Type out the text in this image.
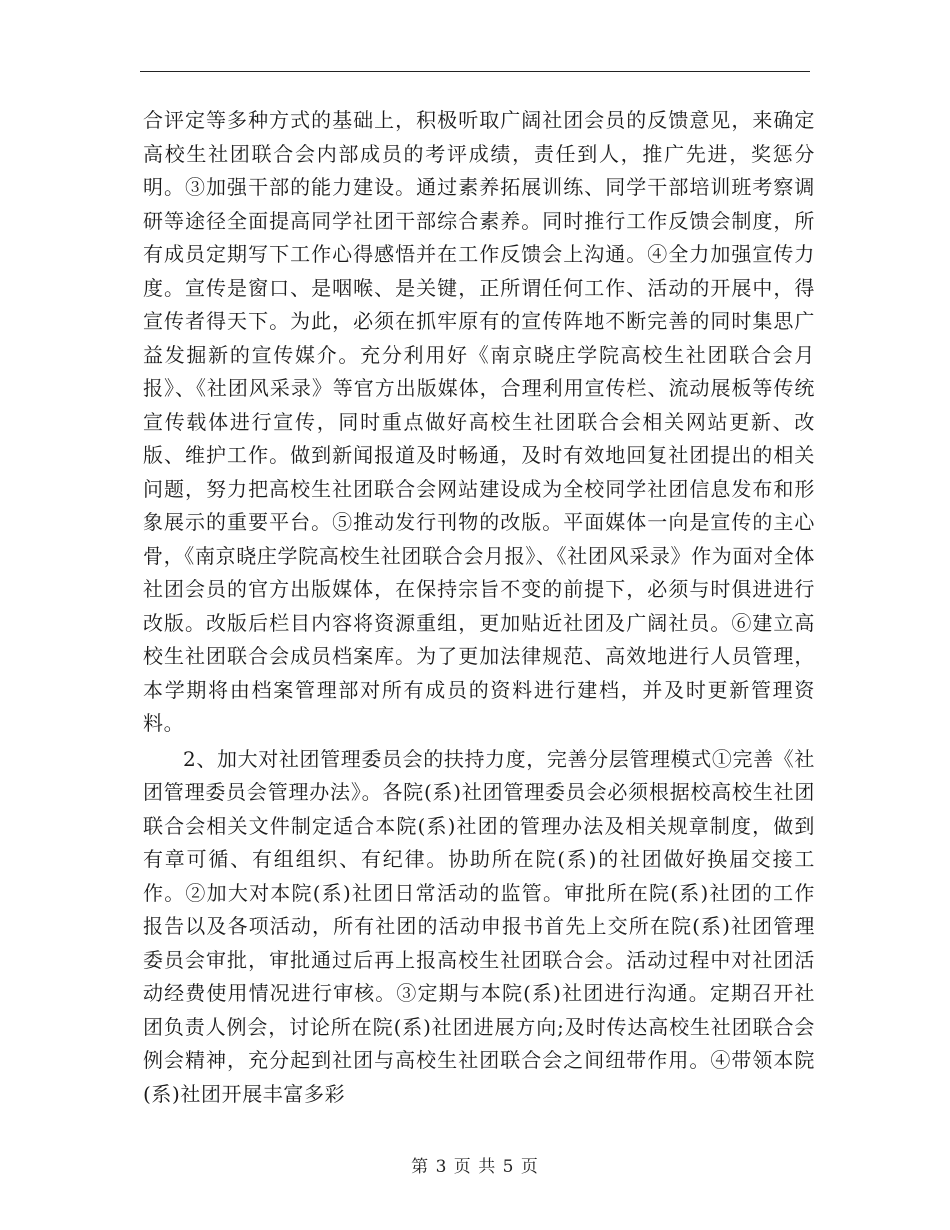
合评定等多种方式的基础上，积极听取广阔社团会员的反馈意见，来确定高校生社团联合会内部成员的考评成绩，责任到人，推广先进，奖惩分明。③加强干部的能力建设。通过素养拓展训练、同学干部培训班考察调研等途径全面提高同学社团干部综合素养。同时推行工作反馈会制度，所有成员定期写下工作心得感悟并在工作反馈会上沟通。④全力加强宣传力度。宣传是窗口、是咽喉、是关键，正所谓任何工作、活动的开展中，得宣传者得天下。为此，必须在抓牢原有的宣传阵地不断完善的同时集思广益发掘新的宣传媒介。充分利用好《南京晓庄学院高校生社团联合会月报》、《社团风采录》等官方出版媒体，合理利用宣传栏、流动展板等传统宣传载体进行宣传，同时重点做好高校生社团联合会相关网站更新、改版、维护工作。做到新闻报道及时畅通，及时有效地回复社团提出的相关问题，努力把高校生社团联合会网站建设成为全校同学社团信息发布和形象展示的重要平台。⑤推动发行刊物的改版。平面媒体一向是宣传的主心骨，《南京晓庄学院高校生社团联合会月报》、《社团风采录》作为面对全体社团会员的官方出版媒体，在保持宗旨不变的前提下，必须与时俱进进行改版。改版后栏目内容将资源重组，更加贴近社团及广阔社员。⑥建立高校生社团联合会成员档案库。为了更加法律规范、高效地进行人员管理，本学期将由档案管理部对所有成员的资料进行建档，并及时更新管理资料。

2、加大对社团管理委员会的扶持力度，完善分层管理模式①完善《社团管理委员会管理办法》。各院(系)社团管理委员会必须根据校高校生社团联合会相关文件制定适合本院(系)社团的管理办法及相关规章制度，做到有章可循、有组组织、有纪律。协助所在院(系)的社团做好换届交接工作。②加大对本院(系)社团日常活动的监管。审批所在院(系)社团的工作报告以及各项活动，所有社团的活动申报书首先上交所在院(系)社团管理委员会审批，审批通过后再上报高校生社团联合会。活动过程中对社团活动经费使用情况进行审核。③定期与本院(系)社团进行沟通。定期召开社团负责人例会，讨论所在院(系)社团进展方向;及时传达高校生社团联合会例会精神，充分起到社团与高校生社团联合会之间纽带作用。④带领本院(系)社团开展丰富多彩

第 3 页 共 5 页
